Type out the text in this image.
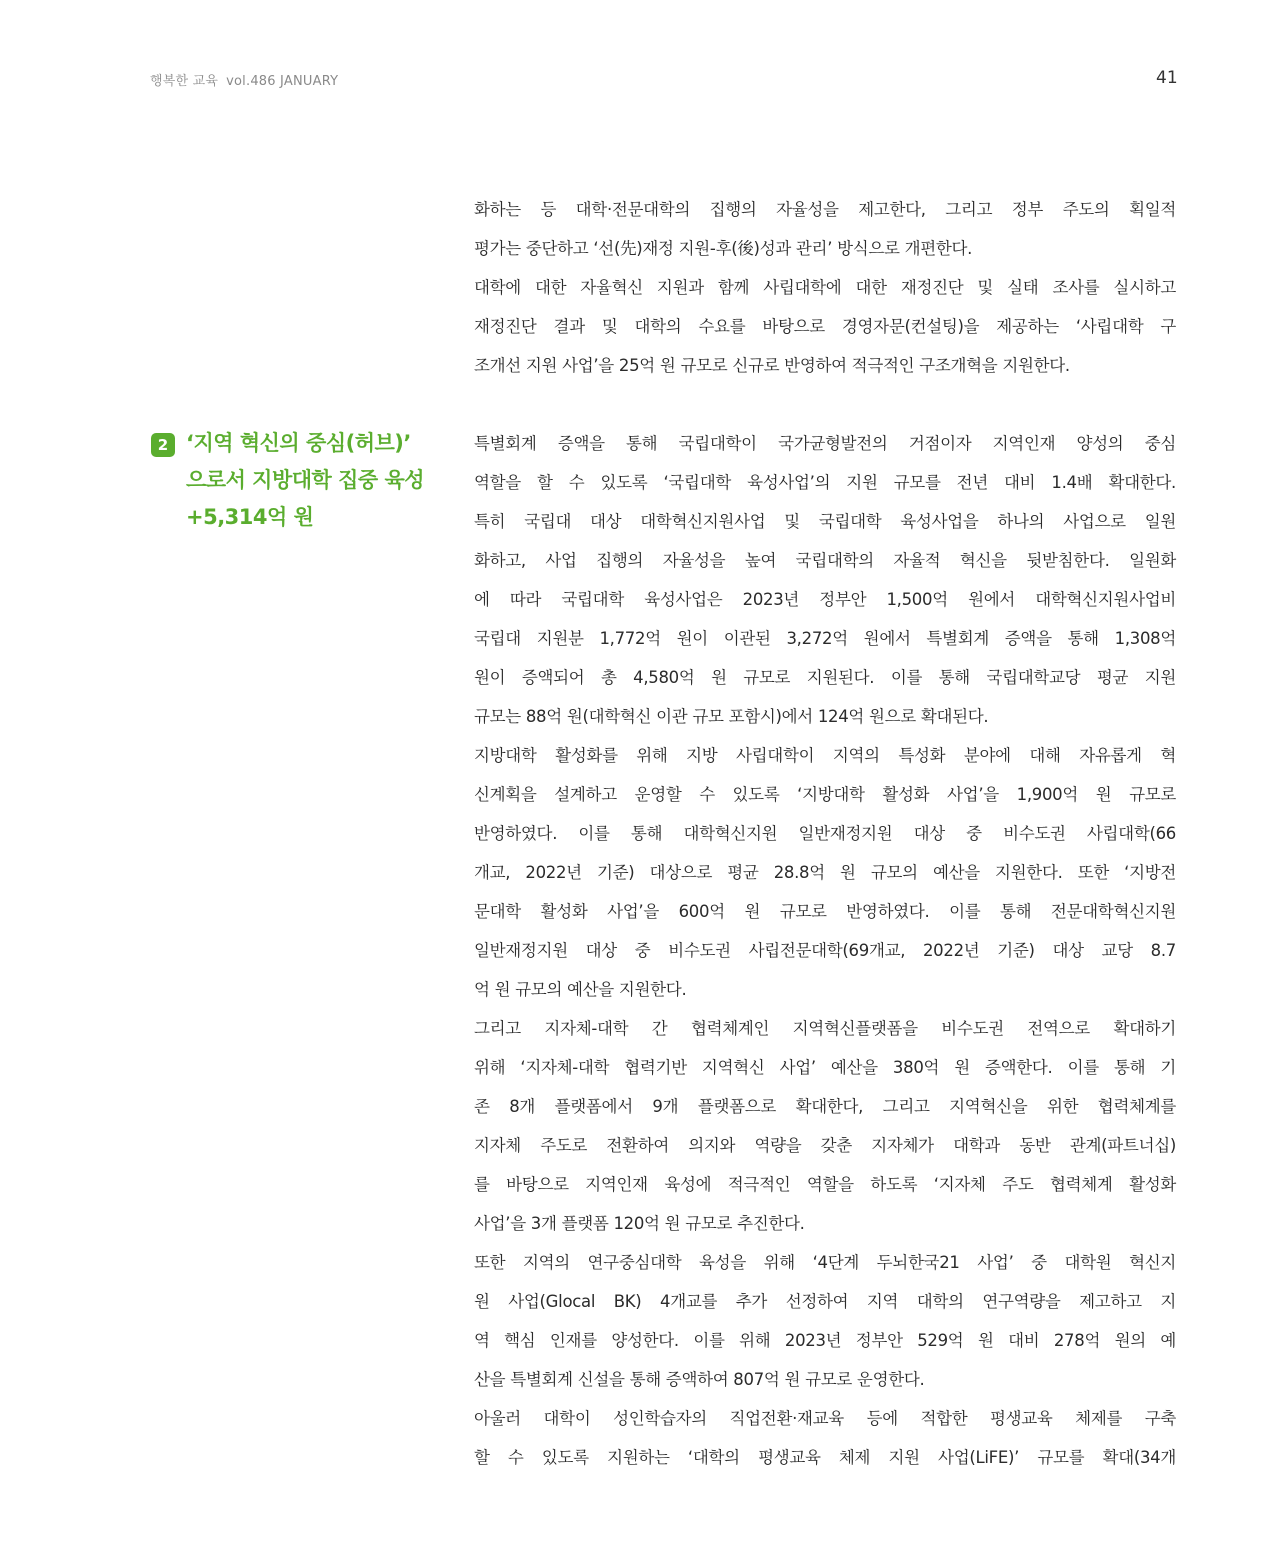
행복한 교육 vol.486 JANUARY	41
2 ‘지역 혁신의 중심(허브)’
으로서 지방대학 집중 육성
+5,314억 원
화하는 등 대학·전문대학의 집행의 자율성을 제고한다, 그리고 정부 주도의 획일적
평가는 중단하고 ‘선(先)재정 지원-후(後)성과 관리’ 방식으로 개편한다.
대학에 대한 자율혁신 지원과 함께 사립대학에 대한 재정진단 및 실태 조사를 실시하고
재정진단 결과 및 대학의 수요를 바탕으로 경영자문(컨설팅)을 제공하는 ‘사립대학 구
조개선 지원 사업’을 25억 원 규모로 신규로 반영하여 적극적인 구조개혁을 지원한다.
특별회계 증액을 통해 국립대학이 국가균형발전의 거점이자 지역인재 양성의 중심
역할을 할 수 있도록 ‘국립대학 육성사업’의 지원 규모를 전년 대비 1.4배 확대한다.
특히 국립대 대상 대학혁신지원사업 및 국립대학 육성사업을 하나의 사업으로 일원
화하고, 사업 집행의 자율성을 높여 국립대학의 자율적 혁신을 뒷받침한다. 일원화
에 따라 국립대학 육성사업은 2023년 정부안 1,500억 원에서 대학혁신지원사업비
국립대 지원분 1,772억 원이 이관된 3,272억 원에서 특별회계 증액을 통해 1,308억
원이 증액되어 총 4,580억 원 규모로 지원된다. 이를 통해 국립대학교당 평균 지원
규모는 88억 원(대학혁신 이관 규모 포함시)에서 124억 원으로 확대된다.
지방대학 활성화를 위해 지방 사립대학이 지역의 특성화 분야에 대해 자유롭게 혁
신계획을 설계하고 운영할 수 있도록 ‘지방대학 활성화 사업’을 1,900억 원 규모로
반영하였다. 이를 통해 대학혁신지원 일반재정지원 대상 중 비수도권 사립대학(66
개교, 2022년 기준) 대상으로 평균 28.8억 원 규모의 예산을 지원한다. 또한 ‘지방전
문대학 활성화 사업’을 600억 원 규모로 반영하였다. 이를 통해 전문대학혁신지원
일반재정지원 대상 중 비수도권 사립전문대학(69개교, 2022년 기준) 대상 교당 8.7
억 원 규모의 예산을 지원한다.
그리고 지자체-대학 간 협력체계인 지역혁신플랫폼을 비수도권 전역으로 확대하기
위해 ‘지자체-대학 협력기반 지역혁신 사업’ 예산을 380억 원 증액한다. 이를 통해 기
존 8개 플랫폼에서 9개 플랫폼으로 확대한다, 그리고 지역혁신을 위한 협력체계를
지자체 주도로 전환하여 의지와 역량을 갖춘 지자체가 대학과 동반 관계(파트너십)
를 바탕으로 지역인재 육성에 적극적인 역할을 하도록 ‘지자체 주도 협력체계 활성화
사업’을 3개 플랫폼 120억 원 규모로 추진한다.
또한 지역의 연구중심대학 육성을 위해 ‘4단계 두뇌한국21 사업’ 중 대학원 혁신지
원 사업(Glocal BK) 4개교를 추가 선정하여 지역 대학의 연구역량을 제고하고 지
역 핵심 인재를 양성한다. 이를 위해 2023년 정부안 529억 원 대비 278억 원의 예
산을 특별회계 신설을 통해 증액하여 807억 원 규모로 운영한다.
아울러 대학이 성인학습자의 직업전환·재교육 등에 적합한 평생교육 체제를 구축
할 수 있도록 지원하는 ‘대학의 평생교육 체제 지원 사업(LiFE)’ 규모를 확대(34개
